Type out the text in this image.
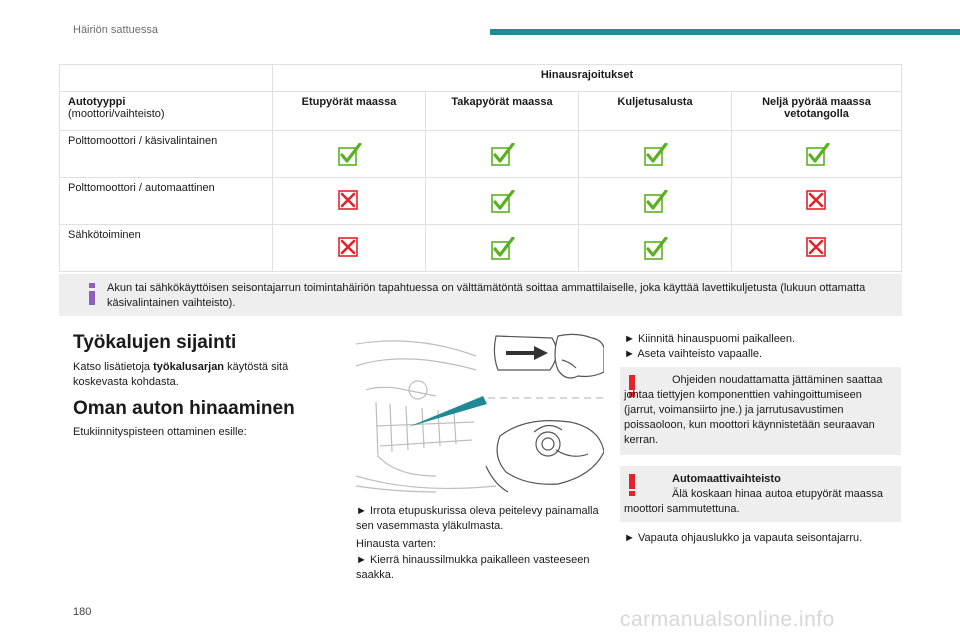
Häiriön sattuessa
	Hinausrajoitukset			

Autotyyppi
(moottori/vaihteisto)	Etupyörät maassa	Takapyörät maassa	Kuljetusalusta	Neljä pyörää maassa vetotangolla
Polttomoottori / käsivalintainen				
Polttomoottori / automaattinen				
Sähkötoiminen				
Akun tai sähkökäyttöisen seisontajarrun toimintahäiriön tapahtuessa on välttämätöntä soittaa ammattilaiselle, joka käyttää lavettikuljetusta (lukuun ottamatta käsivalintainen vaihteisto).
Työkalujen sijainti
Katso lisätietoja työkalusarjan käytöstä sitä koskevasta kohdasta.
Oman auton hinaaminen
Etukiinnityspisteen ottaminen esille:
► Irrota etupuskurissa oleva peitelevy painamalla sen vasemmasta yläkulmasta.
Hinausta varten:
► Kierrä hinaussilmukka paikalleen vasteeseen saakka.
► Kiinnitä hinauspuomi paikalleen.
► Aseta vaihteisto vapaalle.
Ohjeiden noudattamatta jättäminen saattaa johtaa tiettyjen komponenttien vahingoittumiseen (jarrut, voimansiirto jne.) ja jarrutusavustimen poissaoloon, kun moottori käynnistetään seuraavan kerran.
Automaattivaihteisto
Älä koskaan hinaa autoa etupyörät maassa moottori sammutettuna.
► Vapauta ohjauslukko ja vapauta seisontajarru.
180	carmanualsonline.info
